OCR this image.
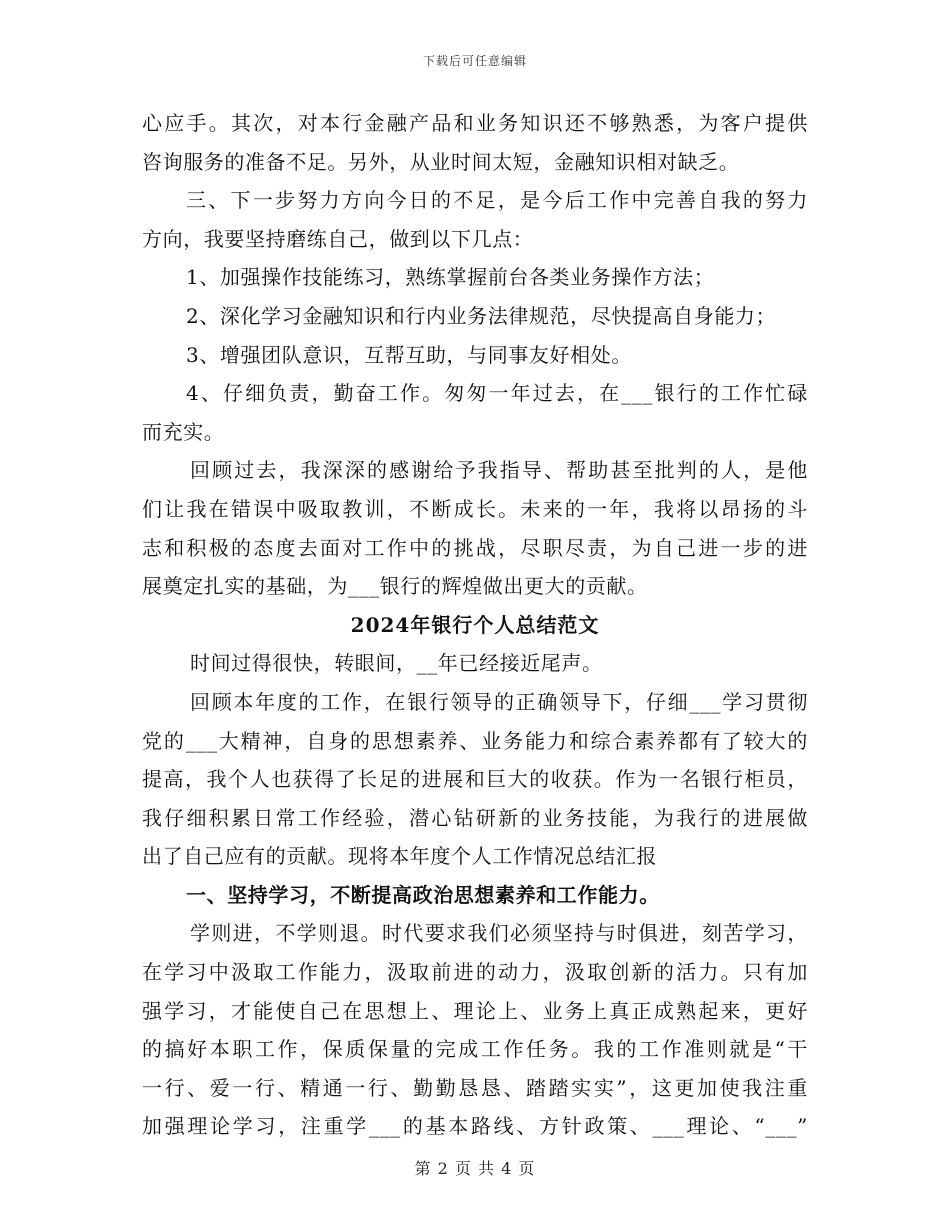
下载后可任意编辑
心应手。其次，对本行金融产品和业务知识还不够熟悉，为客户提供
咨询服务的准备不足。另外，从业时间太短，金融知识相对缺乏。
三、下一步努力方向今日的不足，是今后工作中完善自我的努力
方向，我要坚持磨练自己，做到以下几点：
1、加强操作技能练习，熟练掌握前台各类业务操作方法；
2、深化学习金融知识和行内业务法律规范，尽快提高自身能力；
3、增强团队意识，互帮互助，与同事友好相处。
4、仔细负责，勤奋工作。匆匆一年过去，在___银行的工作忙碌
而充实。
回顾过去，我深深的感谢给予我指导、帮助甚至批判的人，是他
们让我在错误中吸取教训，不断成长。未来的一年，我将以昂扬的斗
志和积极的态度去面对工作中的挑战，尽职尽责，为自己进一步的进
展奠定扎实的基础，为___银行的辉煌做出更大的贡献。
2024年银行个人总结范文
时间过得很快，转眼间，__年已经接近尾声。
回顾本年度的工作，在银行领导的正确领导下，仔细___学习贯彻
党的___大精神，自身的思想素养、业务能力和综合素养都有了较大的
提高，我个人也获得了长足的进展和巨大的收获。作为一名银行柜员，
我仔细积累日常工作经验，潜心钻研新的业务技能，为我行的进展做
出了自己应有的贡献。现将本年度个人工作情况总结汇报
一、坚持学习，不断提高政治思想素养和工作能力。
学则进，不学则退。时代要求我们必须坚持与时俱进，刻苦学习，
在学习中汲取工作能力，汲取前进的动力，汲取创新的活力。只有加
强学习，才能使自己在思想上、理论上、业务上真正成熟起来，更好
的搞好本职工作，保质保量的完成工作任务。我的工作准则就是“干
一行、爱一行、精通一行、勤勤恳恳、踏踏实实”，这更加使我注重
加强理论学习，注重学___的基本路线、方针政策、___理论、“___”
第 2 页 共 4 页
